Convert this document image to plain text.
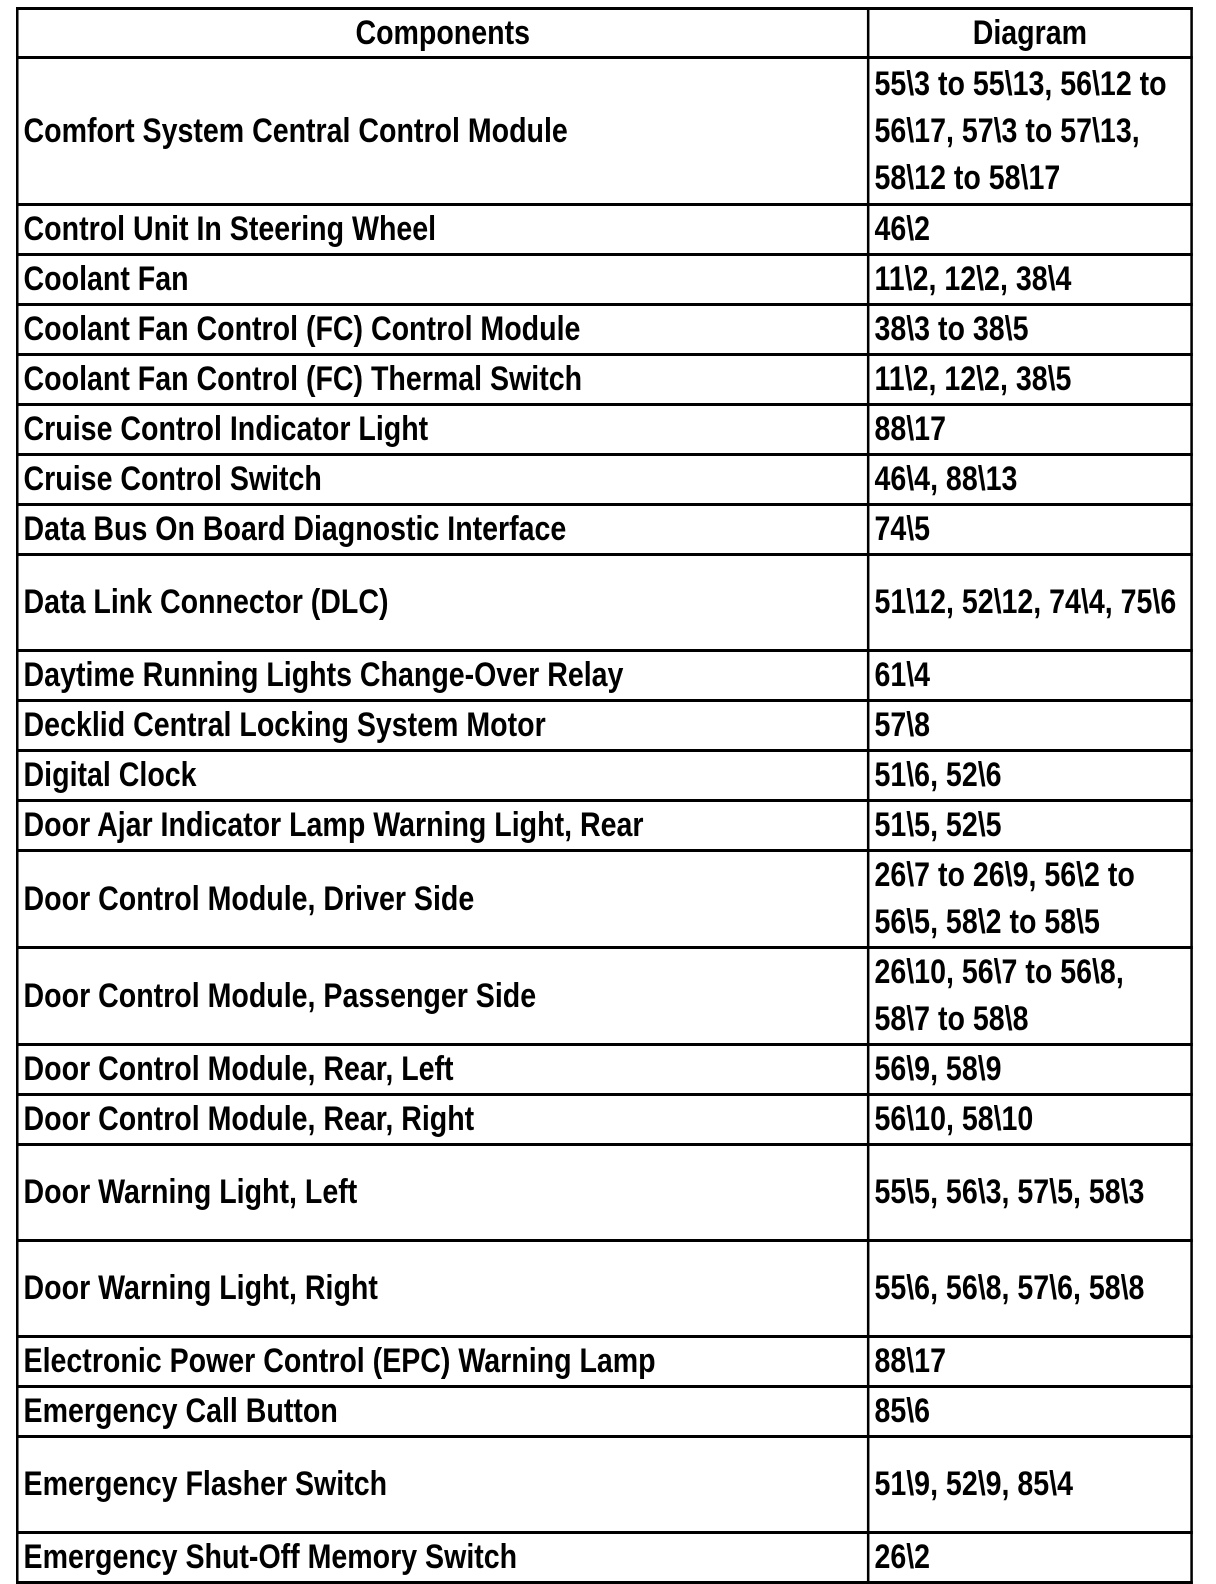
Components	Diagram
Comfort System Central Control Module	55\3 to 55\13, 56\12 to 56\17, 57\3 to 57\13, 58\12 to 58\17
Control Unit In Steering Wheel	46\2
Coolant Fan	11\2, 12\2, 38\4
Coolant Fan Control (FC) Control Module	38\3 to 38\5
Coolant Fan Control (FC) Thermal Switch	11\2, 12\2, 38\5
Cruise Control Indicator Light	88\17
Cruise Control Switch	46\4, 88\13
Data Bus On Board Diagnostic Interface	74\5
Data Link Connector (DLC)	51\12, 52\12, 74\4, 75\6
Daytime Running Lights Change-Over Relay	61\4
Decklid Central Locking System Motor	57\8
Digital Clock	51\6, 52\6
Door Ajar Indicator Lamp Warning Light, Rear	51\5, 52\5
Door Control Module, Driver Side	26\7 to 26\9, 56\2 to 56\5, 58\2 to 58\5
Door Control Module, Passenger Side	26\10, 56\7 to 56\8, 58\7 to 58\8
Door Control Module, Rear, Left	56\9, 58\9
Door Control Module, Rear, Right	56\10, 58\10
Door Warning Light, Left	55\5, 56\3, 57\5, 58\3
Door Warning Light, Right	55\6, 56\8, 57\6, 58\8
Electronic Power Control (EPC) Warning Lamp	88\17
Emergency Call Button	85\6
Emergency Flasher Switch	51\9, 52\9, 85\4
Emergency Shut-Off Memory Switch	26\2
